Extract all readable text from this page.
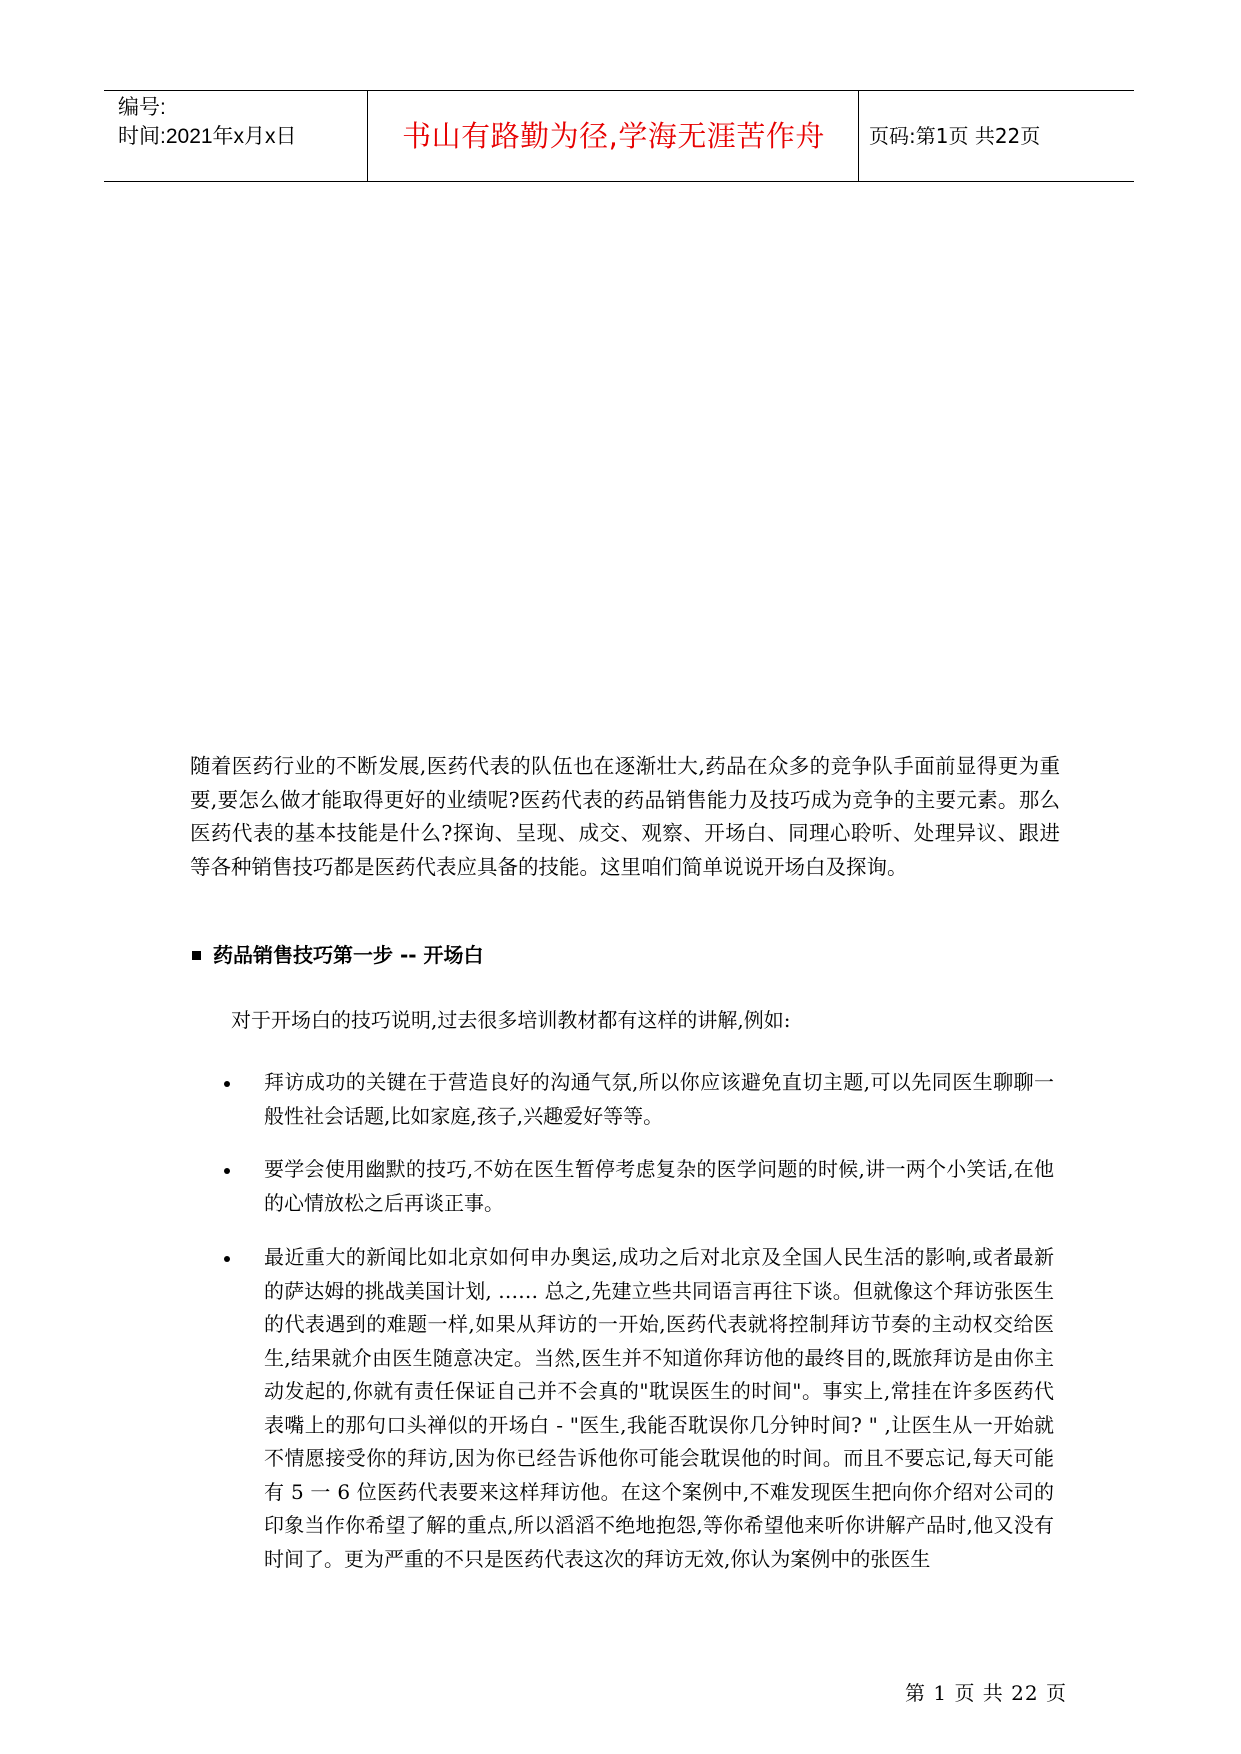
编号:
时间:2021年x月x日	书山有路勤为径,学海无涯苦作舟	页码:第1页 共22页

随着医药行业的不断发展,医药代表的队伍也在逐渐壮大,药品在众多的竞争队手面前显得更为重要,要怎么做才能取得更好的业绩呢?医药代表的药品销售能力及技巧成为竞争的主要元素。那么医药代表的基本技能是什么?探询、呈现、成交、观察、开场白、同理心聆听、处理异议、跟进等各种销售技巧都是医药代表应具备的技能。这里咱们简单说说开场白及探询。

药品销售技巧第一步 -- 开场白

对于开场白的技巧说明,过去很多培训教材都有这样的讲解,例如:

拜访成功的关键在于营造良好的沟通气氛,所以你应该避免直切主题,可以先同医生聊聊一般性社会话题,比如家庭,孩子,兴趣爱好等等。
要学会使用幽默的技巧,不妨在医生暂停考虑复杂的医学问题的时候,讲一两个小笑话,在他的心情放松之后再谈正事。
最近重大的新闻比如北京如何申办奥运,成功之后对北京及全国人民生活的影响,或者最新的萨达姆的挑战美国计划, …… 总之,先建立些共同语言再往下谈。但就像这个拜访张医生的代表遇到的难题一样,如果从拜访的一开始,医药代表就将控制拜访节奏的主动权交给医生,结果就介由医生随意决定。当然,医生并不知道你拜访他的最终目的,既旅拜访是由你主动发起的,你就有责任保证自己并不会真的"耽误医生的时间"。事实上,常挂在许多医药代表嘴上的那句口头禅似的开场白 - "医生,我能否耽误你几分钟时间? " ,让医生从一开始就不情愿接受你的拜访,因为你已经告诉他你可能会耽误他的时间。而且不要忘记,每天可能有 5 一 6 位医药代表要来这样拜访他。在这个案例中,不难发现医生把向你介绍对公司的印象当作你希望了解的重点,所以滔滔不绝地抱怨,等你希望他来听你讲解产品时,他又没有时间了。更为严重的不只是医药代表这次的拜访无效,你认为案例中的张医生
第 1 页 共 22 页
